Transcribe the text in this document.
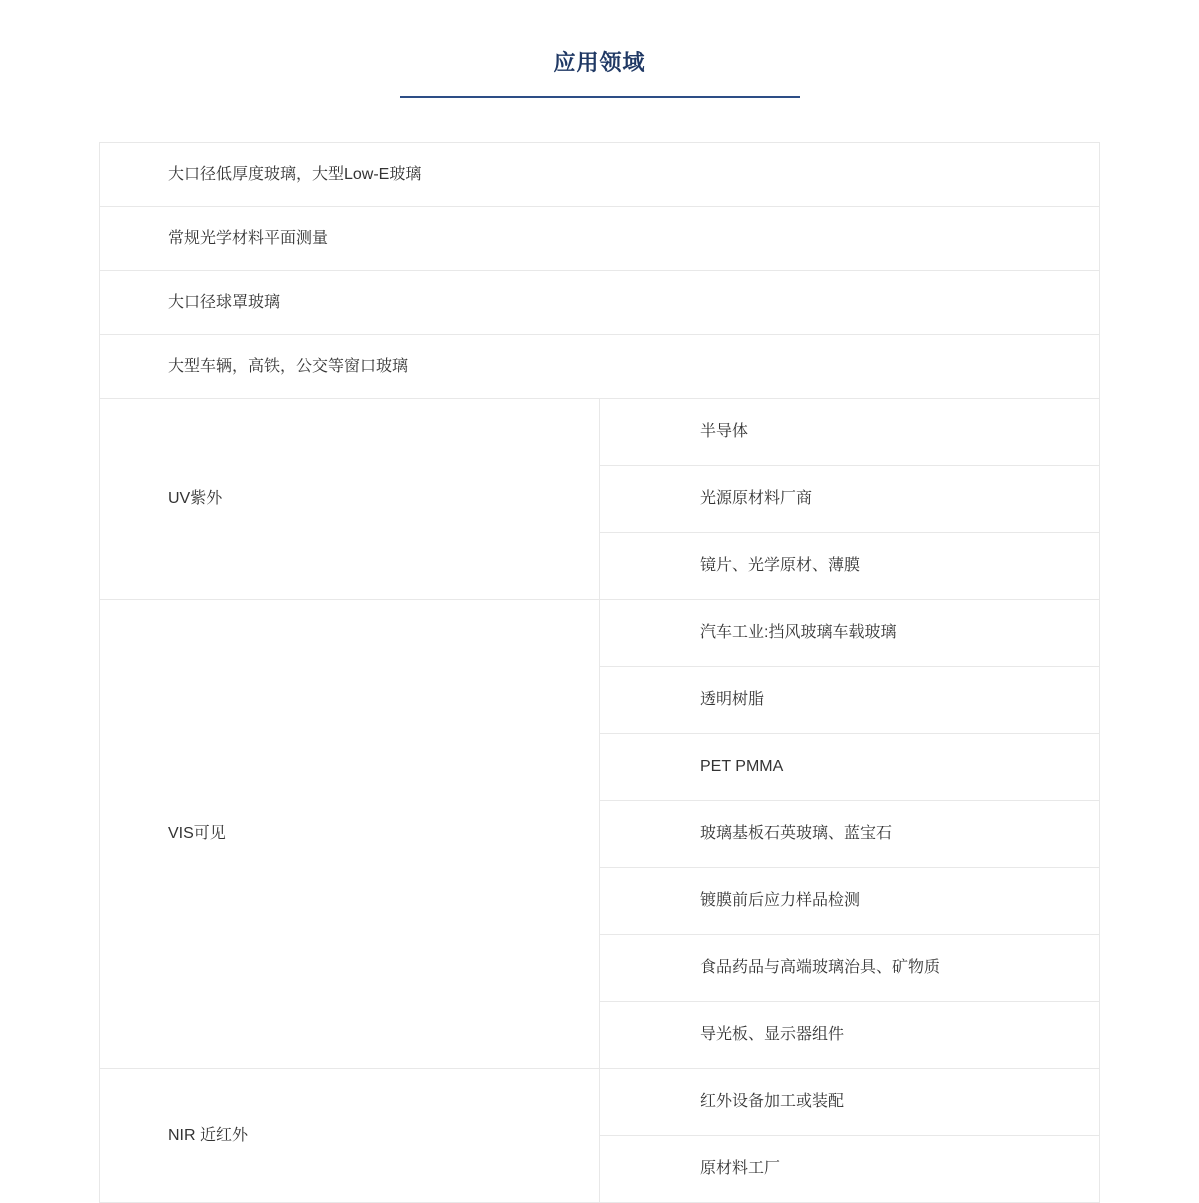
应用领域
大口径低厚度玻璃，大型Low-E玻璃	
常规光学材料平面测量	
大口径球罩玻璃	
大型车辆，高铁，公交等窗口玻璃	
UV紫外	半导体
	光源原材料厂商
	镜片、光学原材、薄膜
VIS可见	汽车工业:挡风玻璃车载玻璃
	透明树脂
	PET PMMA
	玻璃基板石英玻璃、蓝宝石
	镀膜前后应力样品检测
	食品药品与高端玻璃治具、矿物质
	导光板、显示器组件
NIR 近红外	红外设备加工或装配
	原材料工厂
